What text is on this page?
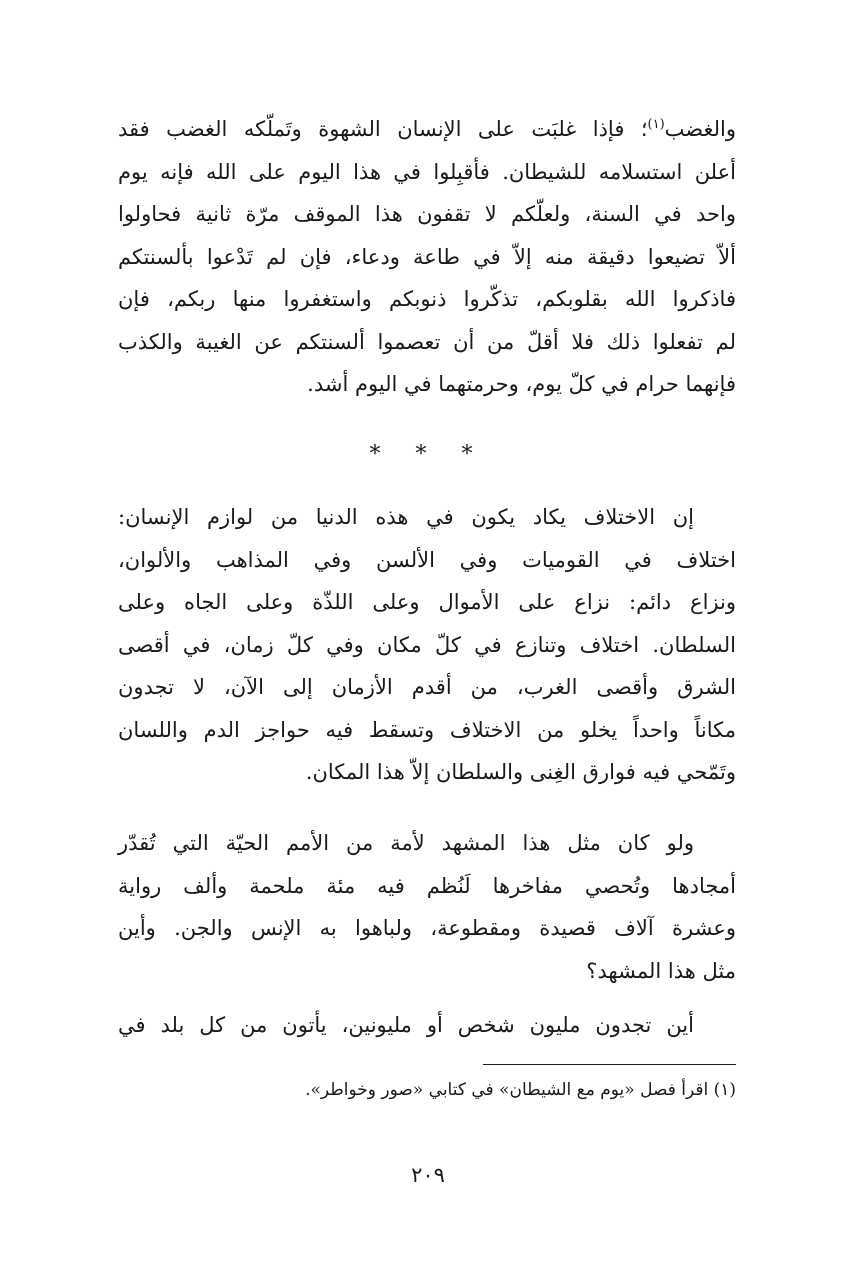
والغضب$^{(١)}$؛ فإذا غلبَت على الإنسان الشهوة وتَملّكه الغضب فقد
أعلن استسلامه للشيطان. فأقبِلوا في هذا اليوم على الله فإنه يوم
واحد في السنة، ولعلّكم لا تقفون هذا الموقف مرّة ثانية فحاولوا
ألاّ تضيعوا دقيقة منه إلاّ في طاعة ودعاء، فإن لم تَدْعوا بألسنتكم
فاذكروا الله بقلوبكم، تذكّروا ذنوبكم واستغفروا منها ربكم، فإن
لم تفعلوا ذلك فلا أقلّ من أن تعصموا ألسنتكم عن الغيبة والكذب
فإنهما حرام في كلّ يوم، وحرمتهما في اليوم أشد.
* * *
إن الاختلاف يكاد يكون في هذه الدنيا من لوازم الإنسان:
اختلاف في القوميات وفي الألسن وفي المذاهب والألوان،
ونزاع دائم: نزاع على الأموال وعلى اللذّة وعلى الجاه وعلى
السلطان. اختلاف وتنازع في كلّ مكان وفي كلّ زمان، في أقصى
الشرق وأقصى الغرب، من أقدم الأزمان إلى الآن، لا تجدون
مكاناً واحداً يخلو من الاختلاف وتسقط فيه حواجز الدم واللسان
وتَمّحي فيه فوارق الغِنى والسلطان إلاّ هذا المكان.
ولو كان مثل هذا المشهد لأمة من الأمم الحيّة التي تُقدّر
أمجادها وتُحصي مفاخرها لَنُظم فيه مئة ملحمة وألف رواية
وعشرة آلاف قصيدة ومقطوعة، ولباهوا به الإنس والجن. وأين
مثل هذا المشهد؟
أين تجدون مليون شخص أو مليونين، يأتون من كل بلد في
(١) اقرأ فصل «يوم مع الشيطان» في كتابي «صور وخواطر».
٢٠٩
